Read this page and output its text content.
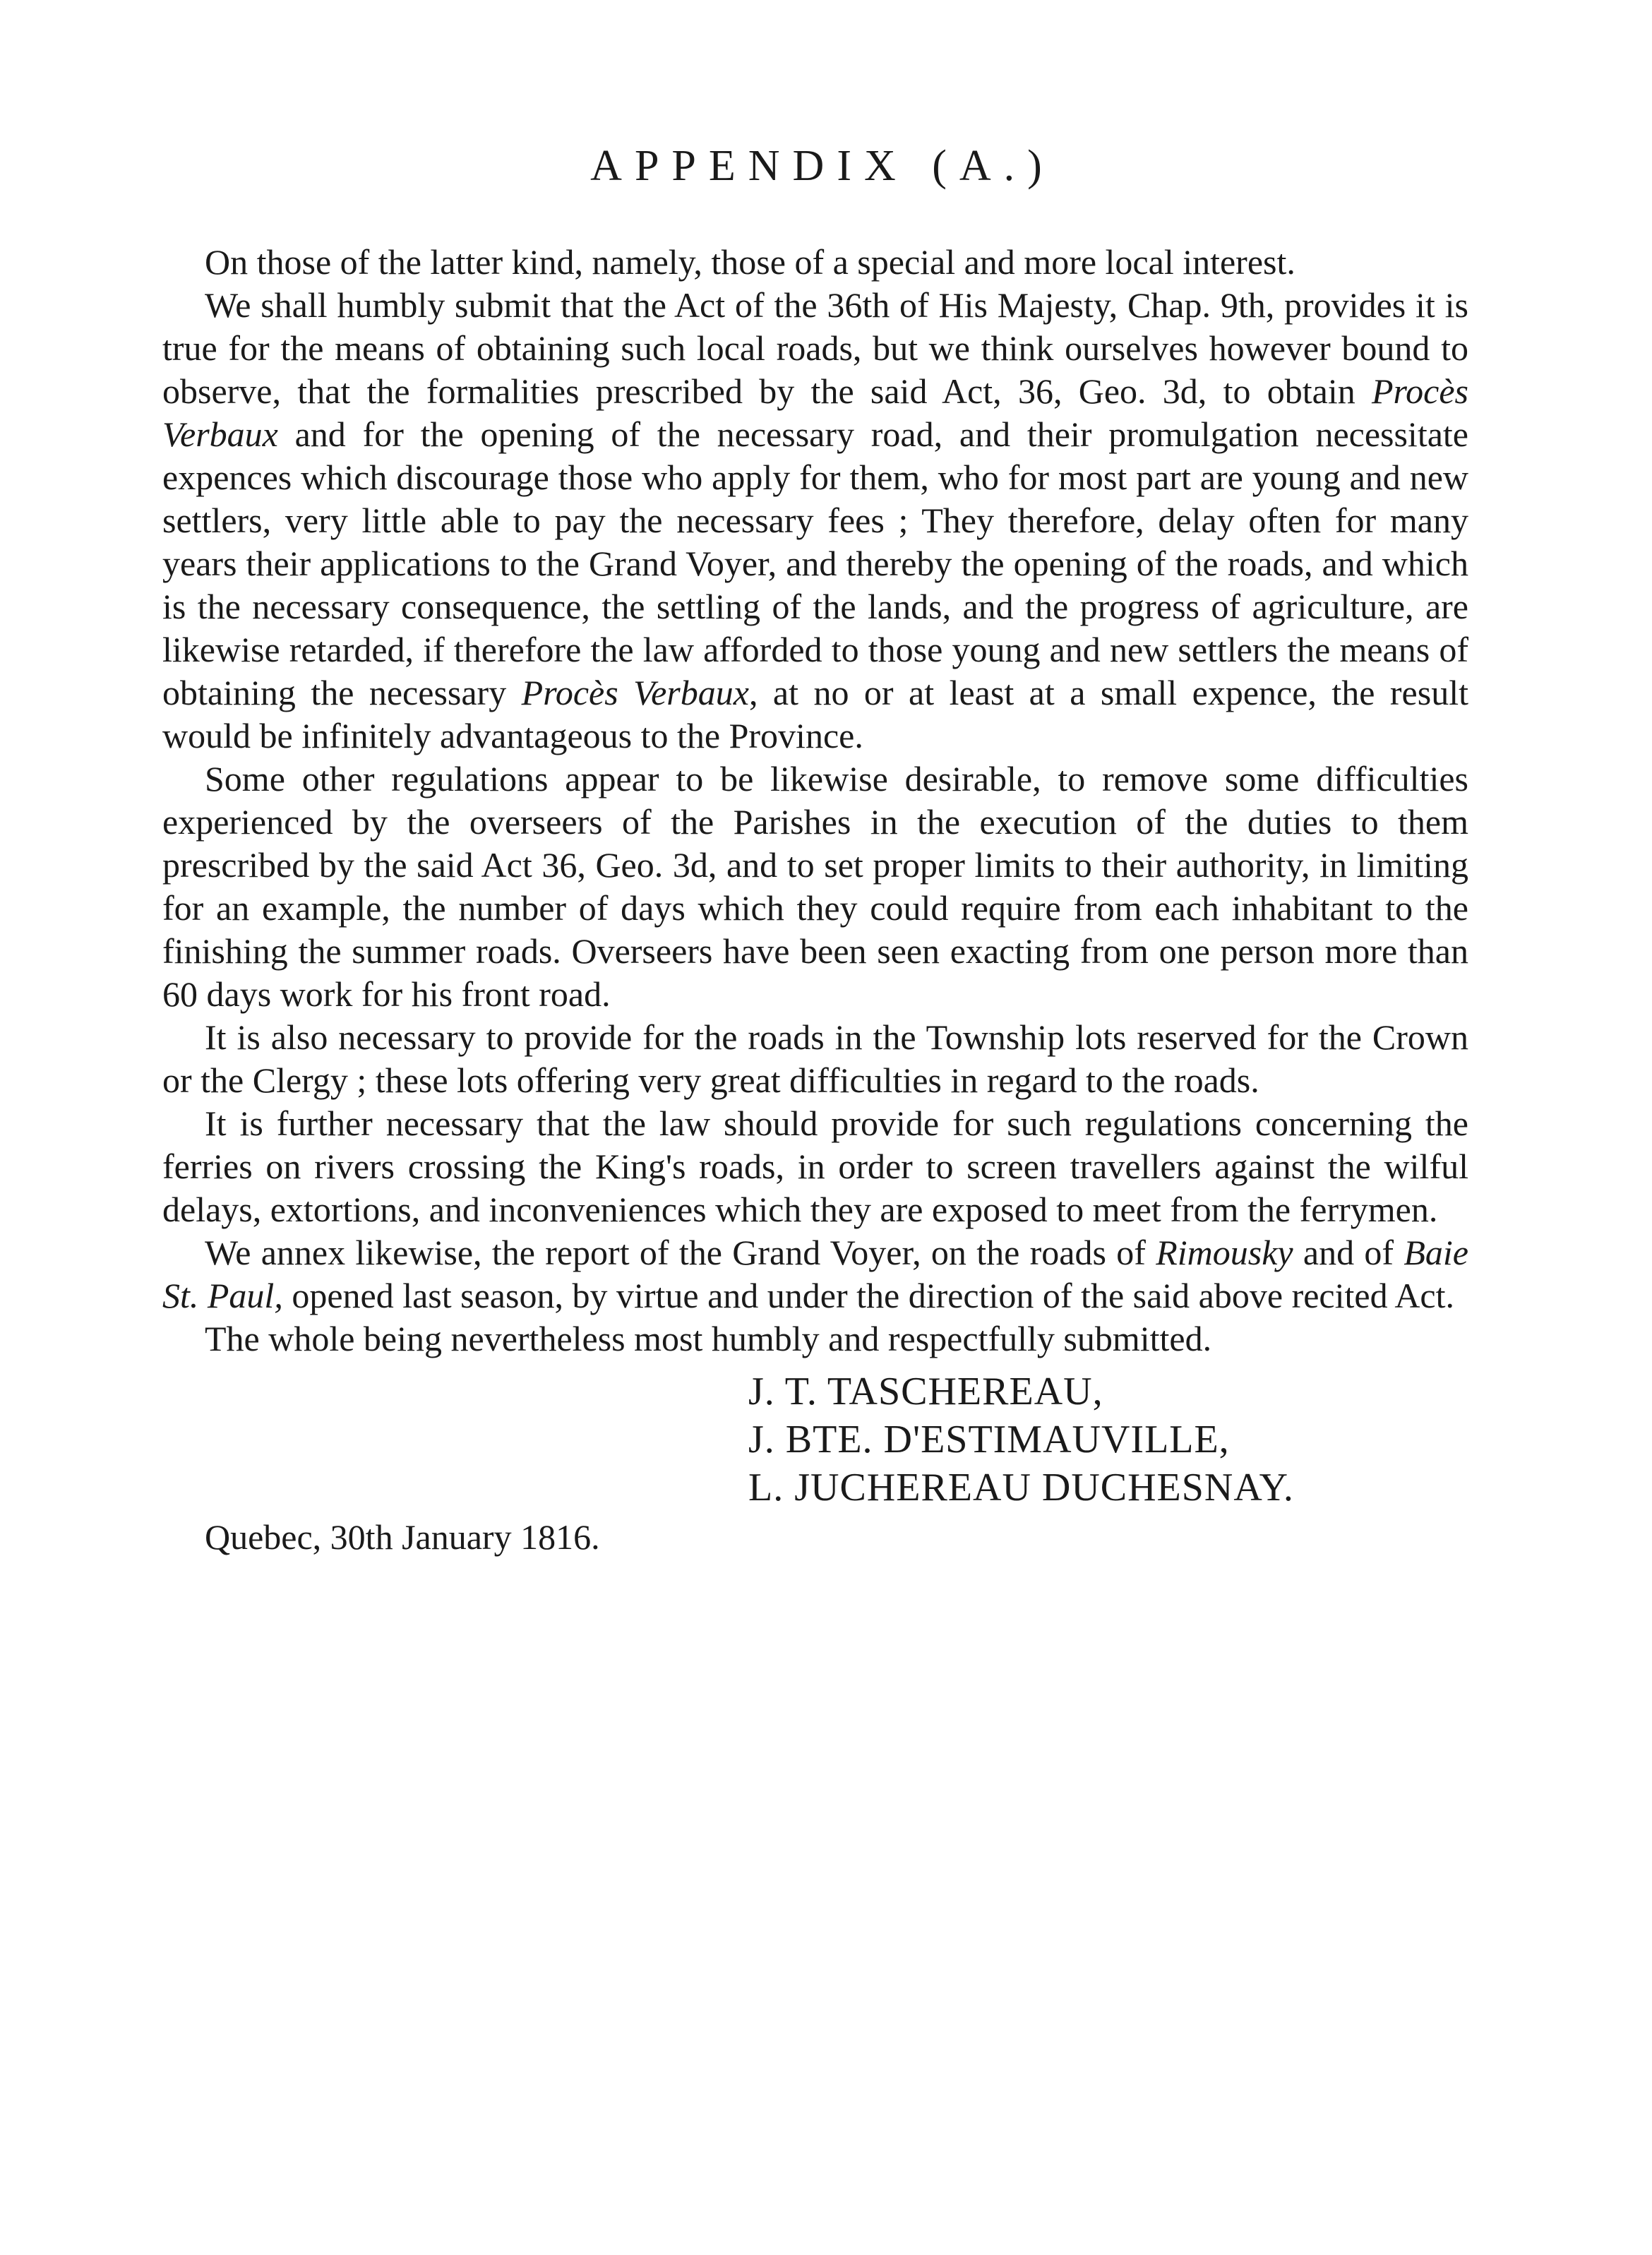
APPENDIX (A.)

On those of the latter kind, namely, those of a special and more local interest.

We shall humbly submit that the Act of the 36th of His Majesty, Chap. 9th, provides it is true for the means of obtaining such local roads, but we think ourselves however bound to observe, that the formalities prescribed by the said Act, 36, Geo. 3d, to obtain Procès Verbaux and for the opening of the necessary road, and their promulgation necessitate expences which discourage those who apply for them, who for most part are young and new settlers, very little able to pay the necessary fees ; They therefore, delay often for many years their applications to the Grand Voyer, and thereby the opening of the roads, and which is the necessary consequence, the settling of the lands, and the progress of agriculture, are likewise retarded, if therefore the law afforded to those young and new settlers the means of obtaining the necessary Procès Verbaux, at no or at least at a small expence, the result would be infinitely advantageous to the Province.

Some other regulations appear to be likewise desirable, to remove some difficulties experienced by the overseers of the Parishes in the execution of the duties to them prescribed by the said Act 36, Geo. 3d, and to set proper limits to their authority, in limiting for an example, the number of days which they could require from each inhabitant to the finishing the summer roads. Overseers have been seen exacting from one person more than 60 days work for his front road.

It is also necessary to provide for the roads in the Township lots reserved for the Crown or the Clergy ; these lots offering very great difficulties in regard to the roads.

It is further necessary that the law should provide for such regulations concerning the ferries on rivers crossing the King's roads, in order to screen travellers against the wilful delays, extortions, and inconveniences which they are exposed to meet from the ferrymen.

We annex likewise, the report of the Grand Voyer, on the roads of Rimousky and of Baie St. Paul, opened last season, by virtue and under the direction of the said above recited Act.

The whole being nevertheless most humbly and respectfully submitted.

J. T. TASCHEREAU,
J. BTE. D'ESTIMAUVILLE,
L. JUCHEREAU DUCHESNAY.
Quebec, 30th January 1816.
